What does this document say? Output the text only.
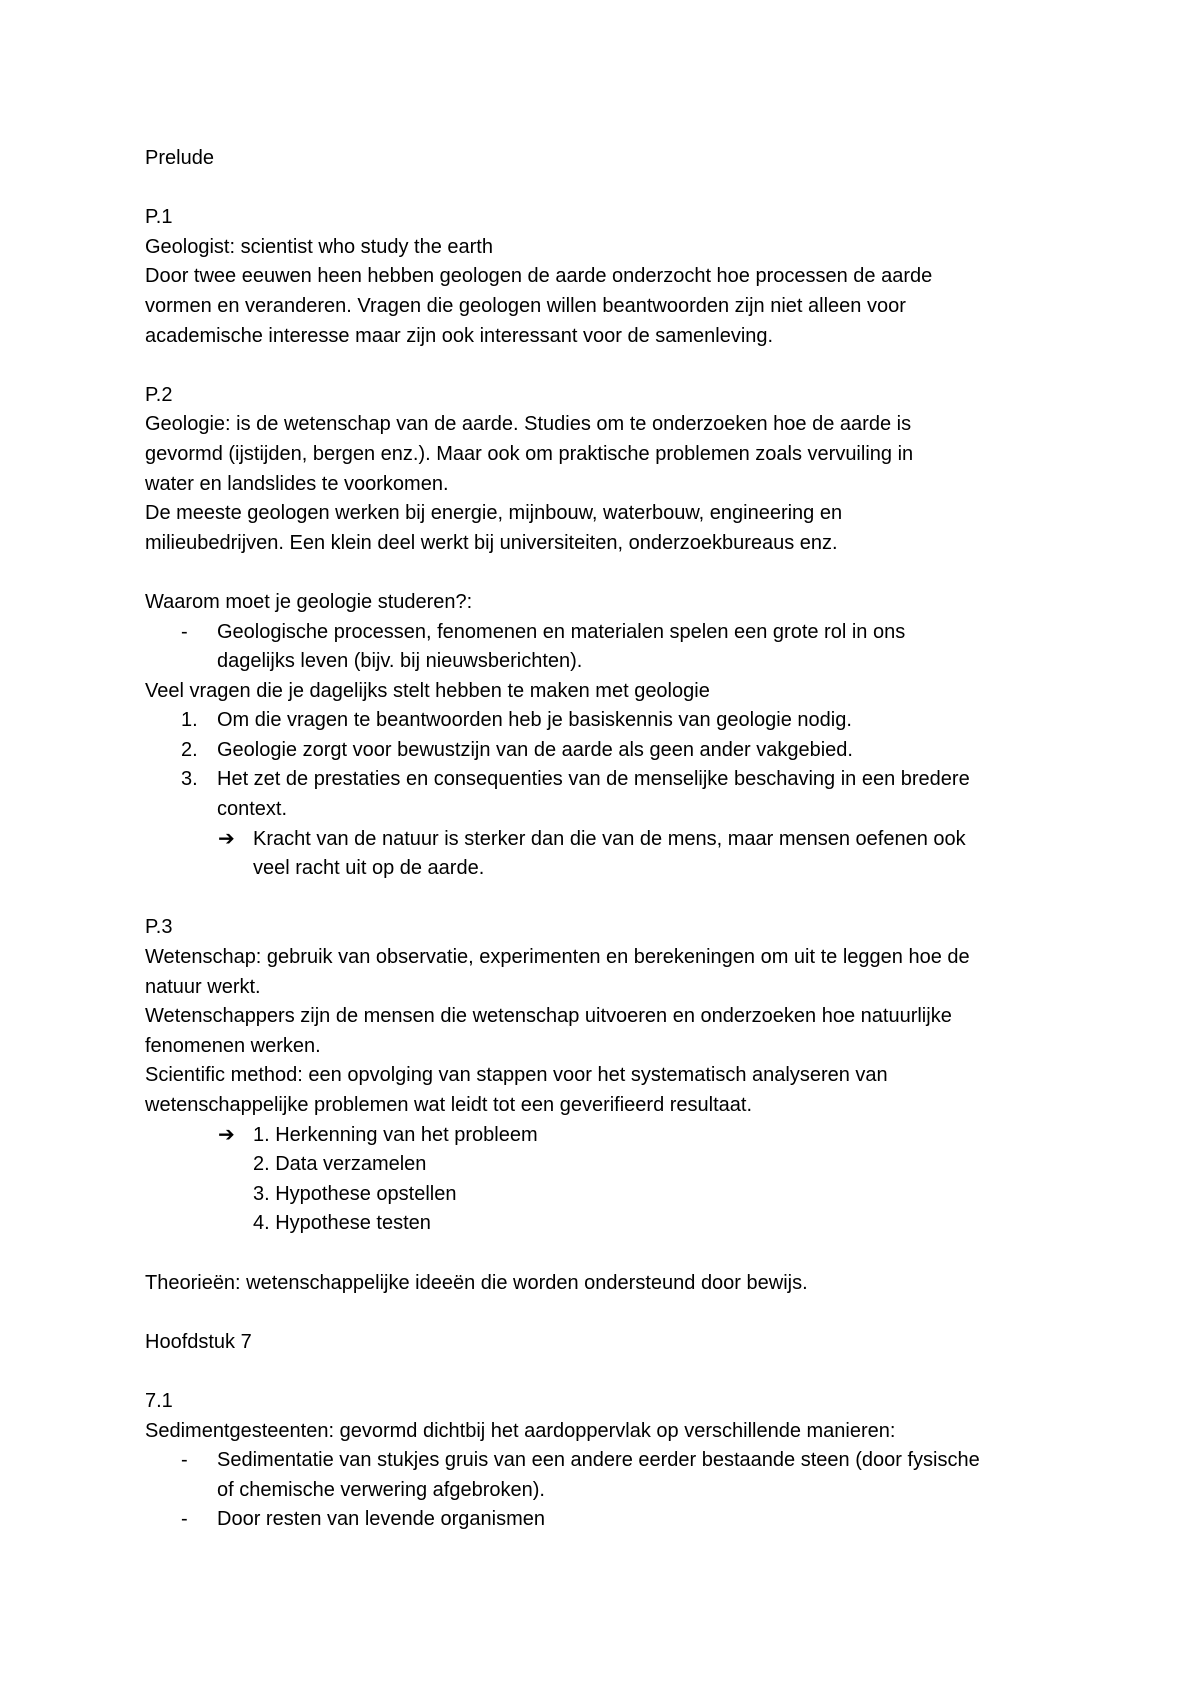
Prelude
P.1
Geologist: scientist who study the earth
Door twee eeuwen heen hebben geologen de aarde onderzocht hoe processen de aarde
vormen en veranderen. Vragen die geologen willen beantwoorden zijn niet alleen voor
academische interesse maar zijn ook interessant voor de samenleving.
P.2
Geologie: is de wetenschap van de aarde. Studies om te onderzoeken hoe de aarde is
gevormd (ijstijden, bergen enz.). Maar ook om praktische problemen zoals vervuiling in
water en landslides te voorkomen.
De meeste geologen werken bij energie, mijnbouw, waterbouw, engineering en
milieubedrijven. Een klein deel werkt bij universiteiten, onderzoekbureaus enz.
Waarom moet je geologie studeren?:
- Geologische processen, fenomenen en materialen spelen een grote rol in ons
dagelijks leven (bijv. bij nieuwsberichten).
Veel vragen die je dagelijks stelt hebben te maken met geologie
1. Om die vragen te beantwoorden heb je basiskennis van geologie nodig.
2. Geologie zorgt voor bewustzijn van de aarde als geen ander vakgebied.
3. Het zet de prestaties en consequenties van de menselijke beschaving in een bredere
context.
➔ Kracht van de natuur is sterker dan die van de mens, maar mensen oefenen ook
veel racht uit op de aarde.
P.3
Wetenschap: gebruik van observatie, experimenten en berekeningen om uit te leggen hoe de
natuur werkt.
Wetenschappers zijn de mensen die wetenschap uitvoeren en onderzoeken hoe natuurlijke
fenomenen werken.
Scientific method: een opvolging van stappen voor het systematisch analyseren van
wetenschappelijke problemen wat leidt tot een geverifieerd resultaat.
➔ 1. Herkenning van het probleem
2. Data verzamelen
3. Hypothese opstellen
4. Hypothese testen
Theorieën: wetenschappelijke ideeën die worden ondersteund door bewijs.
Hoofdstuk 7
7.1
Sedimentgesteenten: gevormd dichtbij het aardoppervlak op verschillende manieren:
- Sedimentatie van stukjes gruis van een andere eerder bestaande steen (door fysische
of chemische verwering afgebroken).
- Door resten van levende organismen
